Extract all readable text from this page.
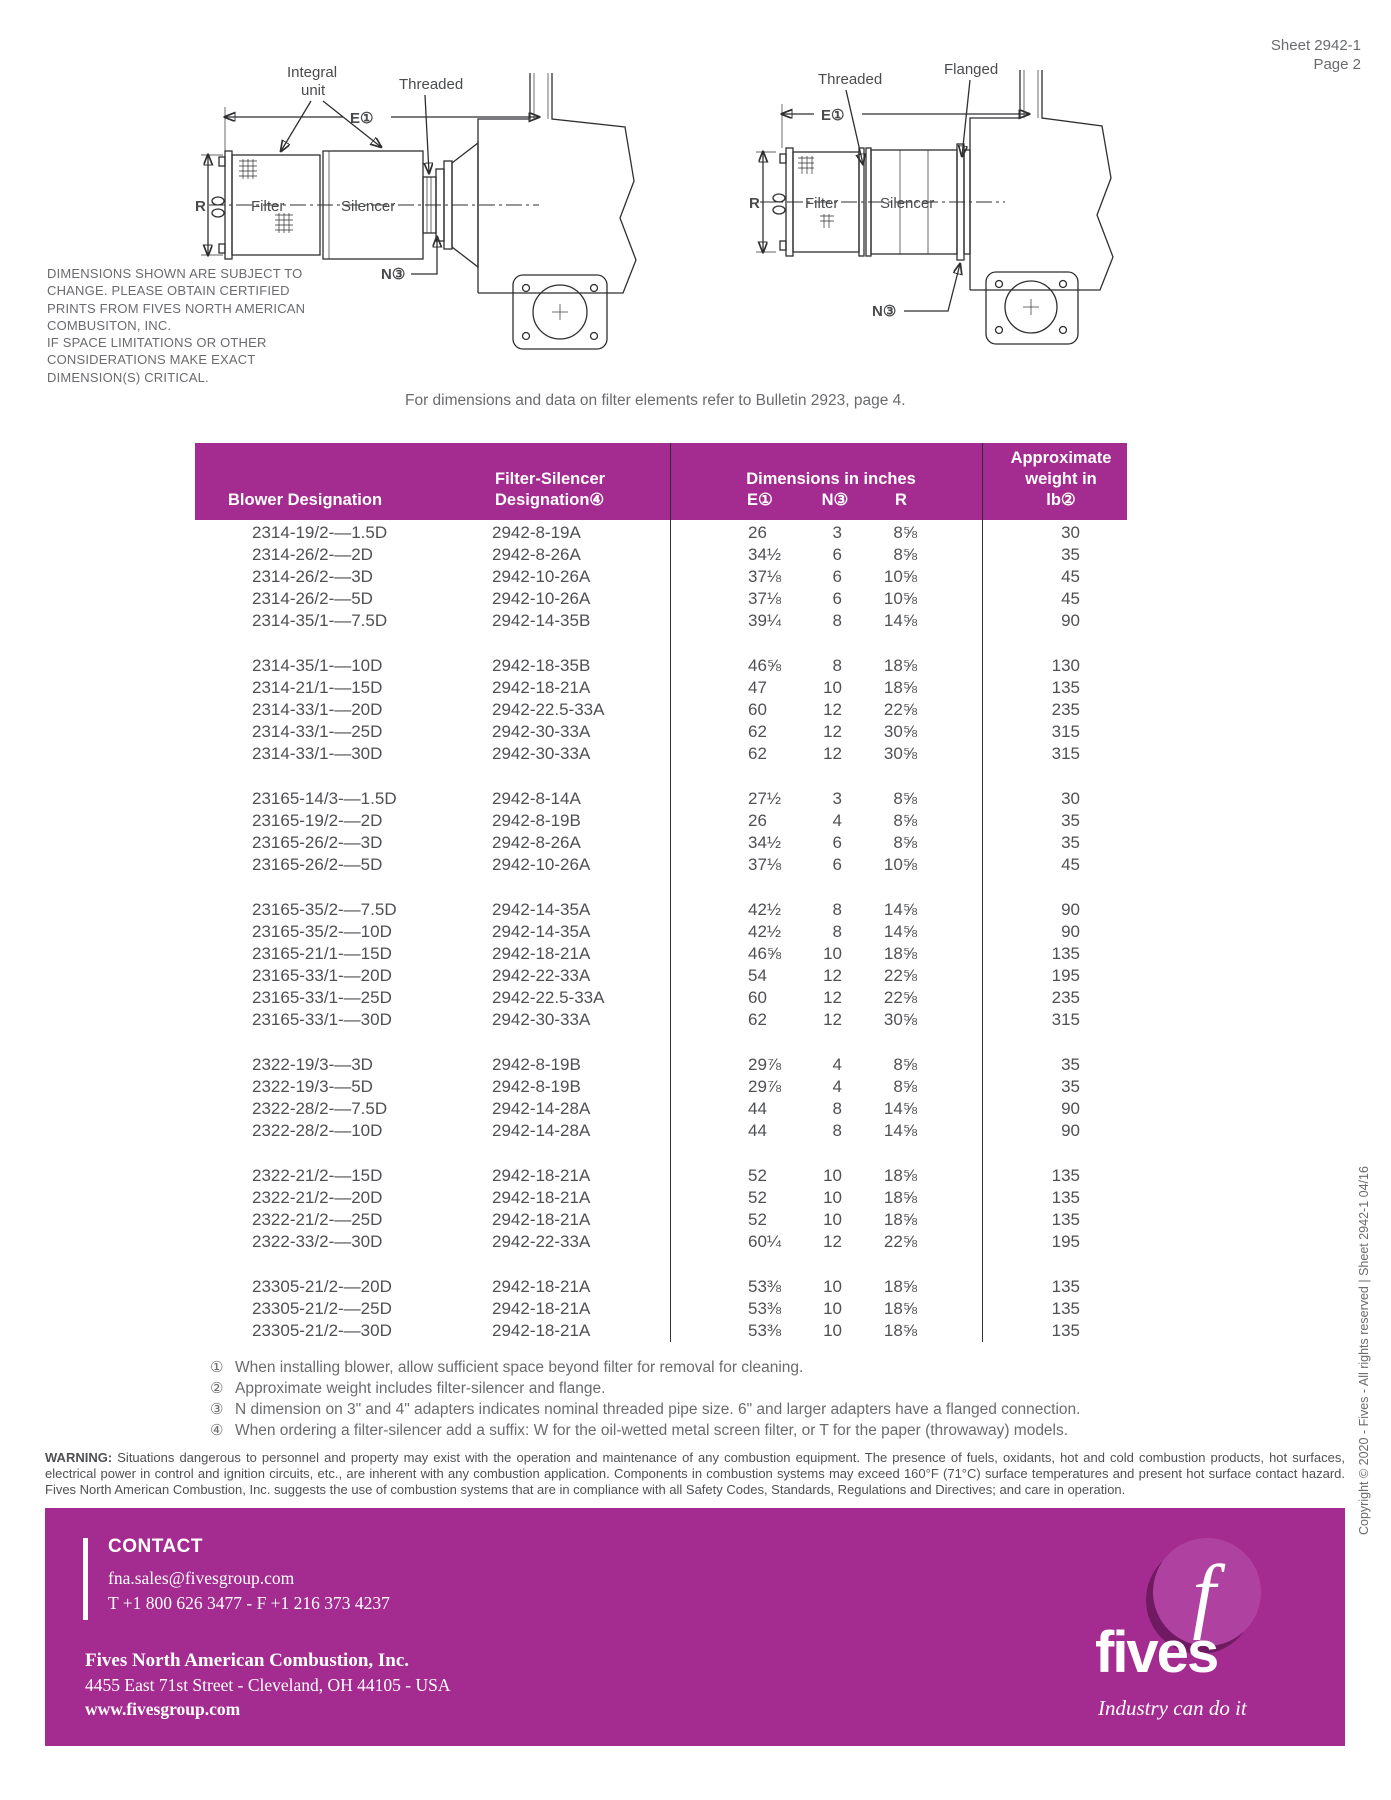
Sheet 2942-1
Page 2
E①
R	Filter	Silencer
Integral
unit	Threaded
N③
E①
R	Filter	Silencer
Threaded
Flanged
N③
DIMENSIONS SHOWN ARE SUBJECT TO
CHANGE. PLEASE OBTAIN CERTIFIED
PRINTS FROM FIVES NORTH AMERICAN
COMBUSITON, INC.
IF SPACE LIMITATIONS OR OTHER
CONSIDERATIONS MAKE EXACT
DIMENSION(S) CRITICAL.
For dimensions and data on filter elements refer to Bulletin 2923, page 4.
Blower Designation
Filter-Silencer
Designation④
Dimensions in inches
E①	N③	R
Approximate
weight in
lb②
2314-19/2-—1.5D	2942-8-19A	26	3	8⅝	30
2314-26/2-—2D	2942-8-26A	34½	6	8⅝	35
2314-26/2-—3D	2942-10-26A	37⅛	6	10⅝	45
2314-26/2-—5D	2942-10-26A	37⅛	6	10⅝	45
2314-35/1-—7.5D	2942-14-35B	39¼	8	14⅝	90
2314-35/1-—10D	2942-18-35B	46⅝	8	18⅝	130
2314-21/1-—15D	2942-18-21A	47	10	18⅝	135
2314-33/1-—20D	2942-22.5-33A	60	12	22⅝	235
2314-33/1-—25D	2942-30-33A	62	12	30⅝	315
2314-33/1-—30D	2942-30-33A	62	12	30⅝	315
23165-14/3-—1.5D	2942-8-14A	27½	3	8⅝	30
23165-19/2-—2D	2942-8-19B	26	4	8⅝	35
23165-26/2-—3D	2942-8-26A	34½	6	8⅝	35
23165-26/2-—5D	2942-10-26A	37⅛	6	10⅝	45
23165-35/2-—7.5D	2942-14-35A	42½	8	14⅝	90
23165-35/2-—10D	2942-14-35A	42½	8	14⅝	90
23165-21/1-—15D	2942-18-21A	46⅝	10	18⅝	135
23165-33/1-—20D	2942-22-33A	54	12	22⅝	195
23165-33/1-—25D	2942-22.5-33A	60	12	22⅝	235
23165-33/1-—30D	2942-30-33A	62	12	30⅝	315
2322-19/3-—3D	2942-8-19B	29⅞	4	8⅝	35
2322-19/3-—5D	2942-8-19B	29⅞	4	8⅝	35
2322-28/2-—7.5D	2942-14-28A	44	8	14⅝	90
2322-28/2-—10D	2942-14-28A	44	8	14⅝	90
2322-21/2-—15D	2942-18-21A	52	10	18⅝	135
2322-21/2-—20D	2942-18-21A	52	10	18⅝	135
2322-21/2-—25D	2942-18-21A	52	10	18⅝	135
2322-33/2-—30D	2942-22-33A	60¼	12	22⅝	195
23305-21/2-—20D	2942-18-21A	53⅜	10	18⅝	135
23305-21/2-—25D	2942-18-21A	53⅜	10	18⅝	135
23305-21/2-—30D	2942-18-21A	53⅜	10	18⅝	135
① When installing blower, allow sufficient space beyond filter for removal for cleaning.
② Approximate weight includes filter-silencer and flange.
③ N dimension on 3" and 4" adapters indicates nominal threaded pipe size. 6" and larger adapters have a flanged connection.
④ When ordering a filter-silencer add a suffix: W for the oil-wetted metal screen filter, or T for the paper (throwaway) models.
WARNING: Situations dangerous to personnel and property may exist with the operation and maintenance of any combustion equipment. The presence of fuels, oxidants, hot and cold combustion products, hot surfaces, electrical power in control and ignition circuits, etc., are inherent with any combustion application. Components in combustion systems may exceed 160°F (71°C) surface temperatures and present hot surface contact hazard. Fives North American Combustion, Inc. suggests the use of combustion systems that are in compliance with all Safety Codes, Standards, Regulations and Directives; and care in operation.
CONTACT
fna.sales@fivesgroup.com
T +1 800 626 3477 - F +1 216 373 4237
Fives North American Combustion, Inc.
4455 East 71st Street - Cleveland, OH 44105 - USA
www.fivesgroup.com
f
fives
Industry can do it
Copyright © 2020 - Fives - All rights reserved | Sheet 2942-1 04/16
